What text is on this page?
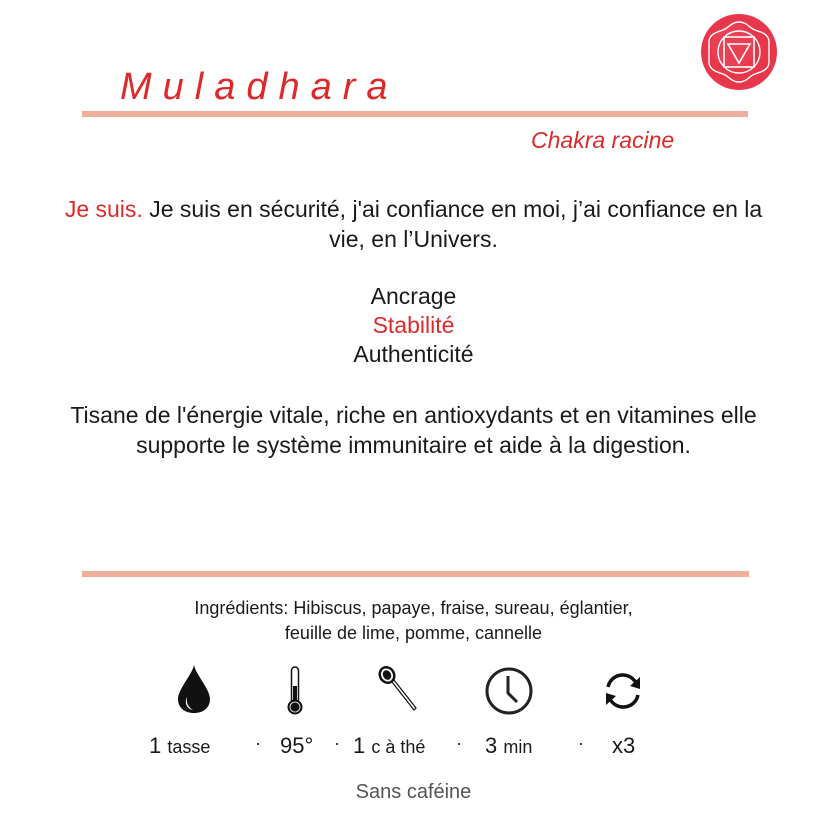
Muladhara
Chakra racine
Je suis. Je suis en sécurité, j'ai confiance en moi, j’ai confiance en la
vie, en l’Univers.
Ancrage
Stabilité
Authenticité
Tisane de l'énergie vitale, riche en antioxydants et en vitamines elle
supporte le système immunitaire et aide à la digestion.
Ingrédients: Hibiscus, papaye, fraise, sureau, églantier,
feuille de lime, pomme, cannelle
1 tasse · 95° · 1 c à thé · 3 min	· x3
Sans caféine
